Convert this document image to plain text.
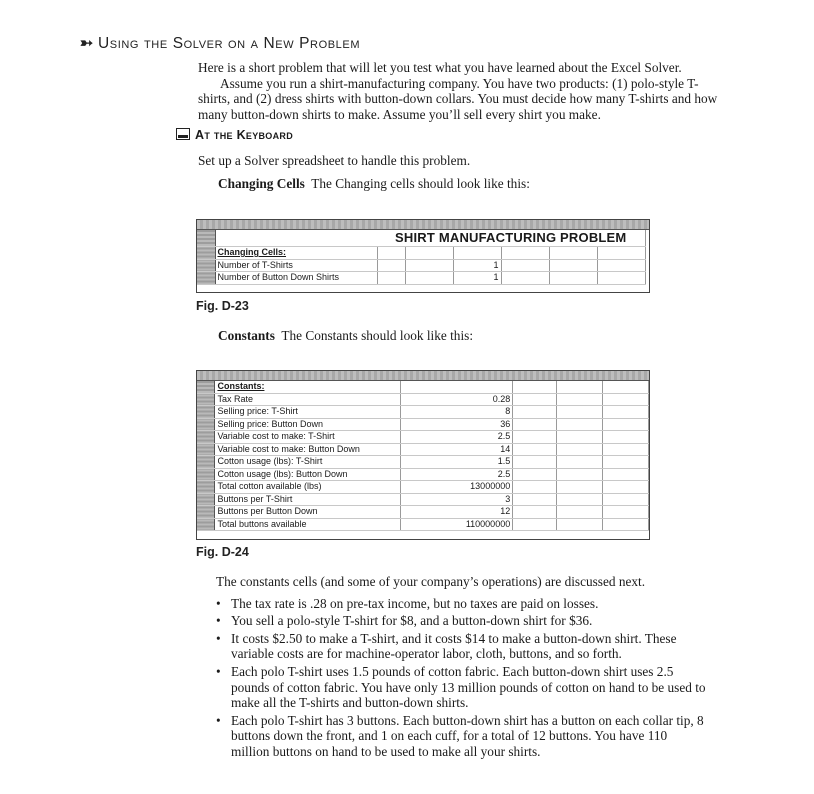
➳ Using the Solver on a New Problem
Here is a short problem that will let you test what you have learned about the Excel Solver.
Assume you run a shirt-manufacturing company. You have two products: (1) polo-style T-shirts, and (2) dress shirts with button-down collars. You must decide how many T-shirts and how many button-down shirts to make. Assume you’ll sell every shirt you make.
At the Keyboard
Set up a Solver spreadsheet to handle this problem.
Changing Cells The Changing cells should look like this:
		SHIRT MANUFACTURING PROBLEM					
	Changing Cells:						
	Number of T-Shirts			1			
	Number of Button Down Shirts			1			
Fig. D-23
Constants The Constants should look like this:
	Constants:				
	Tax Rate	0.28			
	Selling price: T-Shirt	8			
	Selling price: Button Down	36			
	Variable cost to make: T-Shirt	2.5			
	Variable cost to make: Button Down	14			
	Cotton usage (lbs): T-Shirt	1.5			
	Cotton usage (lbs): Button Down	2.5			
	Total cotton available (lbs)	13000000			
	Buttons per T-Shirt	3			
	Buttons per Button Down	12			
	Total buttons available	110000000			
Fig. D-24
The constants cells (and some of your company’s operations) are discussed next.
• The tax rate is .28 on pre-tax income, but no taxes are paid on losses.
• You sell a polo-style T-shirt for $8, and a button-down shirt for $36.
• It costs $2.50 to make a T-shirt, and it costs $14 to make a button-down shirt. These variable costs are for machine-operator labor, cloth, buttons, and so forth.
• Each polo T-shirt uses 1.5 pounds of cotton fabric. Each button-down shirt uses 2.5 pounds of cotton fabric. You have only 13 million pounds of cotton on hand to be used to make all the T-shirts and button-down shirts.
• Each polo T-shirt has 3 buttons. Each button-down shirt has a button on each collar tip, 8 buttons down the front, and 1 on each cuff, for a total of 12 buttons. You have 110 million buttons on hand to be used to make all your shirts.
